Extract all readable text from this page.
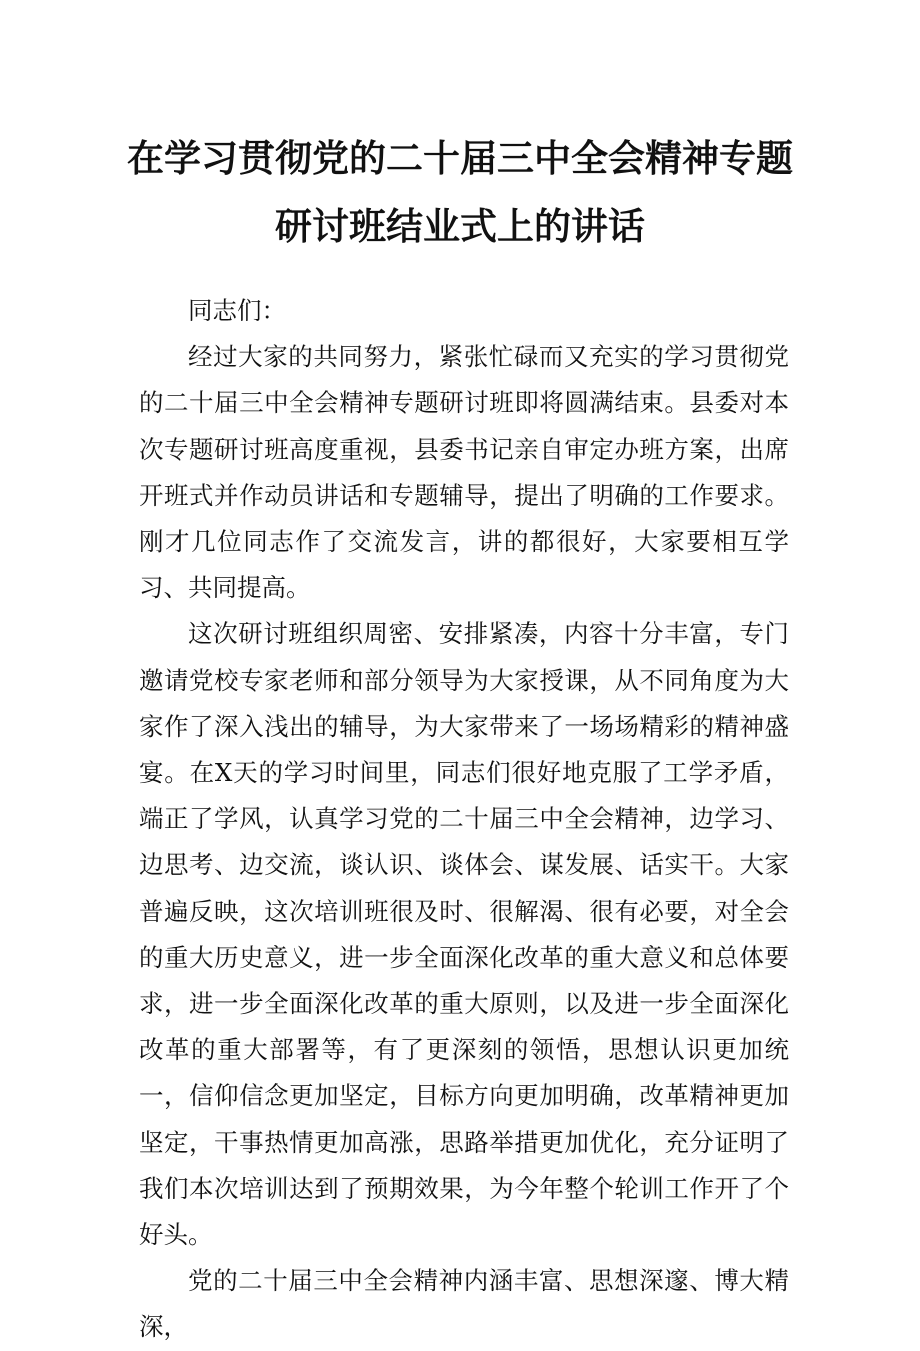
在学习贯彻党的二十届三中全会精神专题
研讨班结业式上的讲话

同志们：

经过大家的共同努力，紧张忙碌而又充实的学习贯彻党的二十届三中全会精神专题研讨班即将圆满结束。县委对本次专题研讨班高度重视，县委书记亲自审定办班方案，出席开班式并作动员讲话和专题辅导，提出了明确的工作要求。刚才几位同志作了交流发言，讲的都很好，大家要相互学习、共同提高。

这次研讨班组织周密、安排紧凑，内容十分丰富，专门邀请党校专家老师和部分领导为大家授课，从不同角度为大家作了深入浅出的辅导，为大家带来了一场场精彩的精神盛宴。在X天的学习时间里，同志们很好地克服了工学矛盾，端正了学风，认真学习党的二十届三中全会精神，边学习、边思考、边交流，谈认识、谈体会、谋发展、话实干。大家普遍反映，这次培训班很及时、很解渴、很有必要，对全会的重大历史意义，进一步全面深化改革的重大意义和总体要求，进一步全面深化改革的重大原则，以及进一步全面深化改革的重大部署等，有了更深刻的领悟，思想认识更加统一，信仰信念更加坚定，目标方向更加明确，改革精神更加坚定，干事热情更加高涨，思路举措更加优化，充分证明了我们本次培训达到了预期效果，为今年整个轮训工作开了个好头。

党的二十届三中全会精神内涵丰富、思想深邃、博大精深，
